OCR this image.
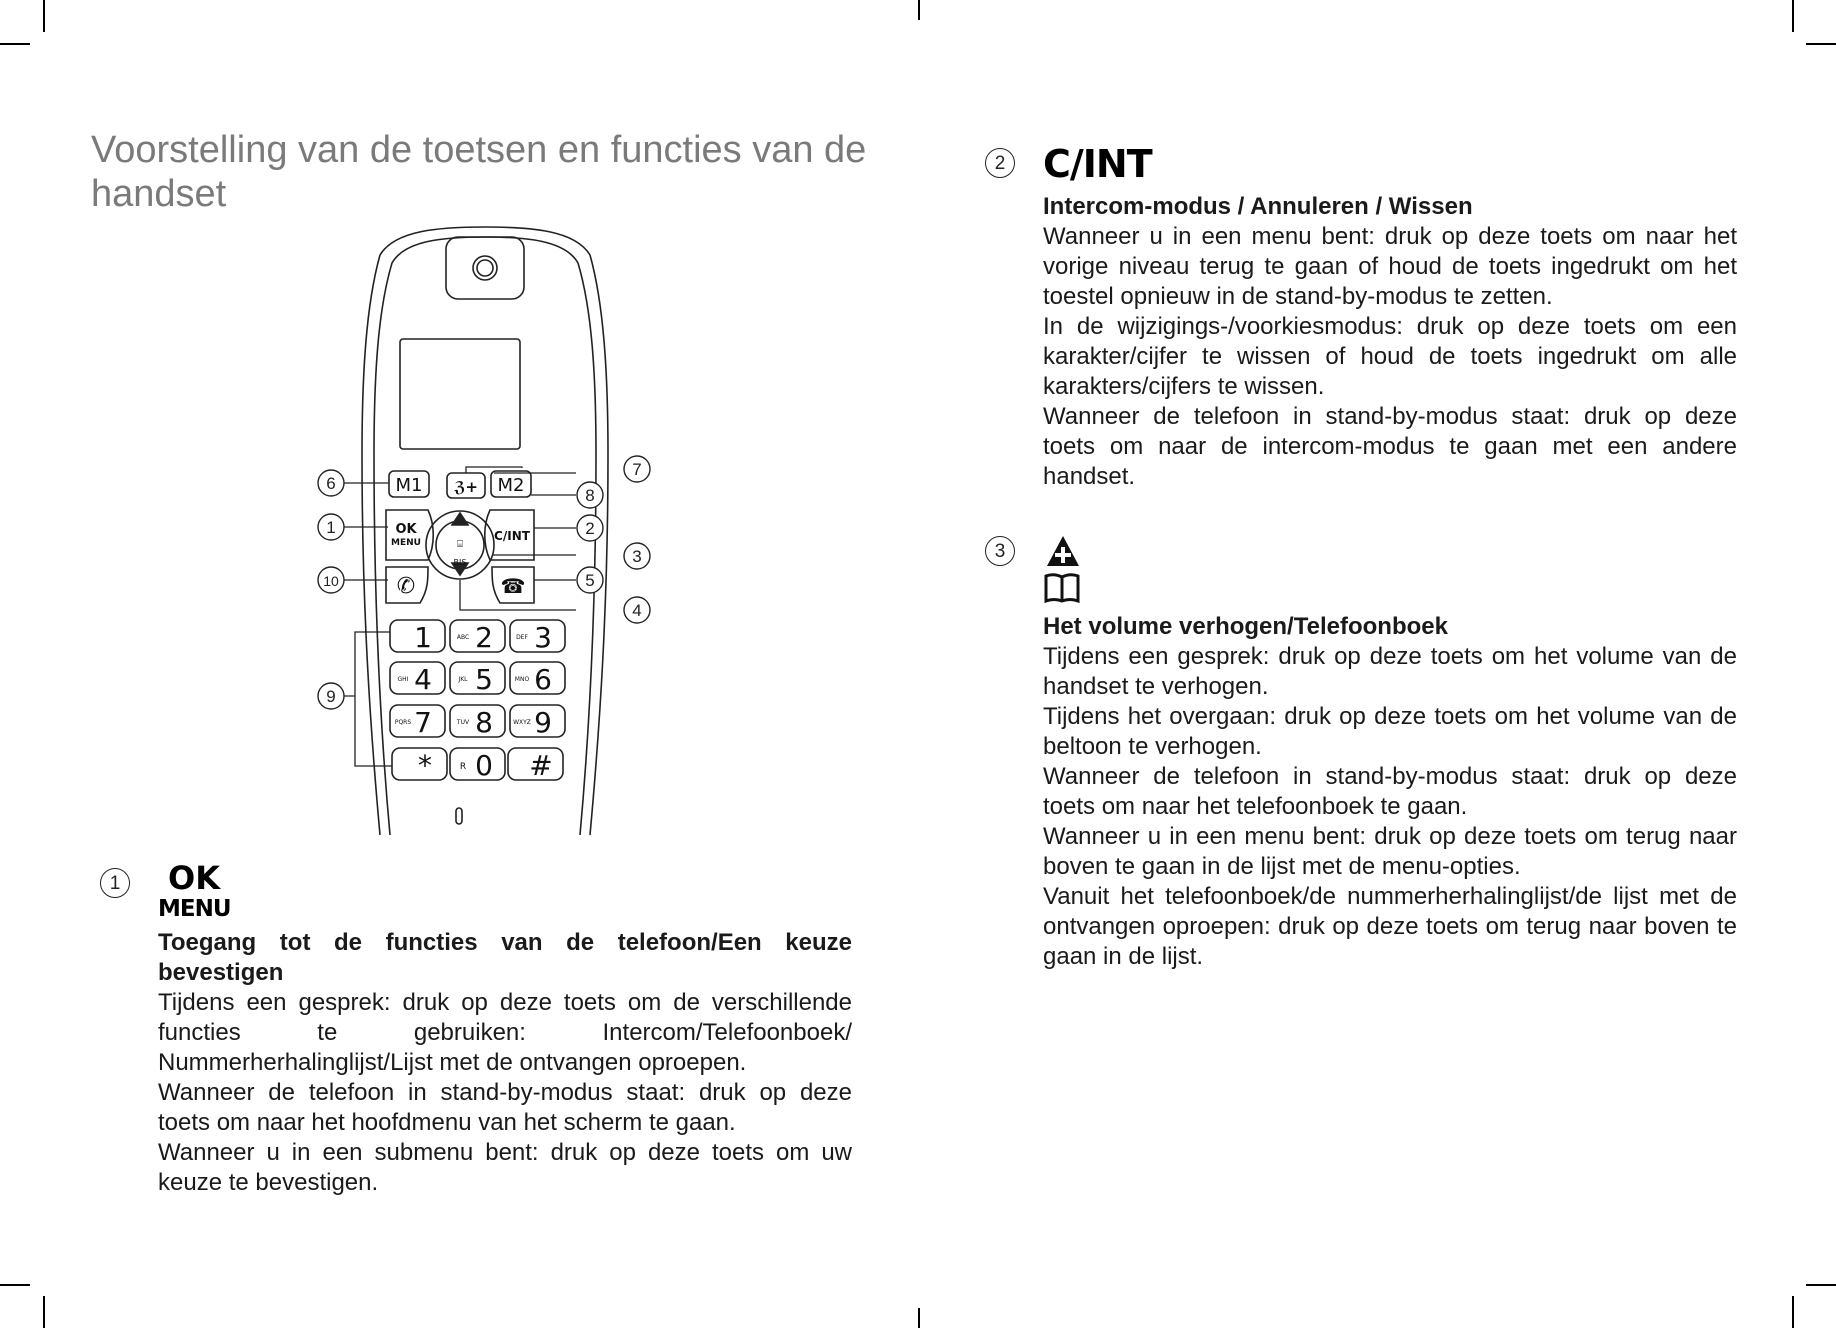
Voorstelling van de toetsen en functies van de handset
M1	M2
ℨ+
OK
MENU	C/INT
⌸
BIS
✆	☎
1 2 3
4 5 6
7 8 9
* 0 #
ABC	DEF
GHI	JKL	MNO
PQRS	TUV	WXYZ
R
6
1
10
9
7
8
2
3
5
4
1	OK
MENU
Toegang tot de functies van de telefoon/Een keuze bevestigen

Tijdens een gesprek: druk op deze toets om de verschillende functies te gebruiken: Intercom/Telefoonboek/ Nummerherhalinglijst/Lijst met de ontvangen oproepen.

Wanneer de telefoon in stand-by-modus staat: druk op deze toets om naar het hoofdmenu van het scherm te gaan.

Wanneer u in een submenu bent: druk op deze toets om uw keuze te bevestigen.

2 C/INT
Intercom-modus / Annuleren / Wissen

Wanneer u in een menu bent: druk op deze toets om naar het vorige niveau terug te gaan of houd de toets ingedrukt om het toestel opnieuw in de stand-by-modus te zetten.

In de wijzigings-/voorkiesmodus: druk op deze toets om een karakter/cijfer te wissen of houd de toets ingedrukt om alle karakters/cijfers te wissen.

Wanneer de telefoon in stand-by-modus staat: druk op deze toets om naar de intercom-modus te gaan met een andere handset.

3
Het volume verhogen/Telefoonboek

Tijdens een gesprek: druk op deze toets om het volume van de handset te verhogen.

Tijdens het overgaan: druk op deze toets om het volume van de beltoon te verhogen.

Wanneer de telefoon in stand-by-modus staat: druk op deze toets om naar het telefoonboek te gaan.

Wanneer u in een menu bent: druk op deze toets om terug naar boven te gaan in de lijst met de menu-opties.

Vanuit het telefoonboek/de nummerherhalinglijst/de lijst met de ontvangen oproepen: druk op deze toets om terug naar boven te gaan in de lijst.
